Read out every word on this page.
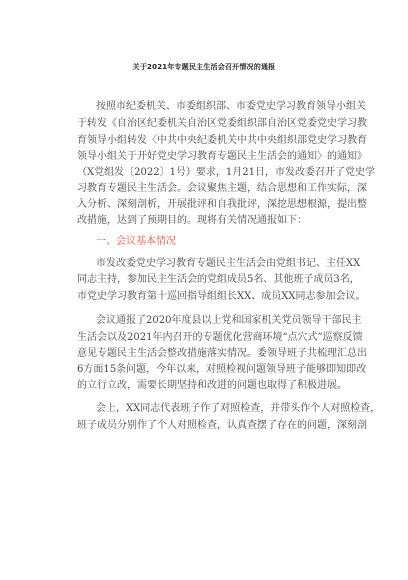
关于2021年专题民主生活会召开情况的通报
按照市纪委机关、市委组织部、市委党史学习教育领导小组关
于转发《自治区纪委机关自治区党委组织部自治区党委党史学习教
育领导小组转发〈中共中央纪委机关中共中央组织部党史学习教育
领导小组关于开好党史学习教育专题民主生活会的通知〉的通知》
（X党组发〔2022〕1号）要求，1月21日，市发改委召开了党史学
习教育专题民主生活会。会议聚焦主题，结合思想和工作实际，深
入分析、深刻剖析，开展批评和自我批评，深挖思想根源，提出整
改措施，达到了预期目的。现将有关情况通报如下：
一、会议基本情况
市发改委党史学习教育专题民主生活会由党组书记、主任XX
同志主持，参加民主生活会的党组成员5名、其他班子成员3名，
市党史学习教育第十巡回指导组组长XX、成员XX同志参加会议。
会议通报了2020年度县以上党和国家机关党员领导干部民主
生活会以及2021年内召开的专题优化营商环境“点穴式”巡察反馈
意见专题民主生活会整改措施落实情况。委领导班子共梳理汇总出
6方面15条问题，今年以来，对照检视问题领导班子能够即知即改
的立行立改，需要长期坚持和改进的问题也取得了积极进展。
会上，XX同志代表班子作了对照检查，并带头作个人对照检查，
班子成员分别作了个人对照检查，认真查摆了存在的问题，深刻剖
